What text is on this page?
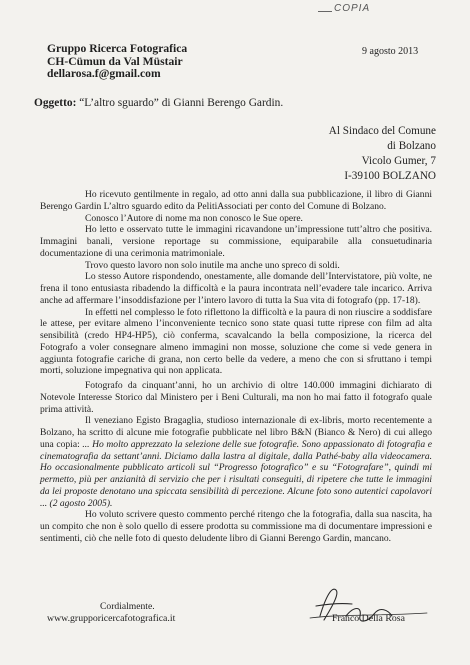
COPIA
Gruppo Ricerca Fotografica
CH-Cümun da Val Müstair
dellarosa.f@gmail.com
9 agosto 2013
Oggetto: “L’altro sguardo” di Gianni Berengo Gardin.
Al Sindaco del Comune
di Bolzano
Vicolo Gumer, 7
I-39100 BOLZANO

Ho ricevuto gentilmente in regalo, ad otto anni dalla sua pubblicazione, il libro di Gianni Berengo Gardin L’altro sguardo edito da PelitiAssociati per conto del Comune di Bolzano.

Conosco l’Autore di nome ma non conosco le Sue opere.

Ho letto e osservato tutte le immagini ricavandone un’impressione tutt’altro che positiva. Immagini banali, versione reportage su commissione, equiparabile alla consuetudinaria documentazione di una cerimonia matrimoniale.

Trovo questo lavoro non solo inutile ma anche uno spreco di soldi.

Lo stesso Autore rispondendo, onestamente, alle domande dell’Intervistatore, più volte, ne frena il tono entusiasta ribadendo la difficoltà e la paura incontrata nell’evadere tale incarico. Arriva anche ad affermare l’insoddisfazione per l’intero lavoro di tutta la Sua vita di fotografo (pp. 17-18).

In effetti nel complesso le foto riflettono la difficoltà e la paura di non riuscire a soddisfare le attese, per evitare almeno l’inconveniente tecnico sono state quasi tutte riprese con film ad alta sensibilità (credo HP4-HP5), ciò conferma, scavalcando la bella composizione, la ricerca del Fotografo a voler consegnare almeno immagini non mosse, soluzione che come si vede genera in aggiunta fotografie cariche di grana, non certo belle da vedere, a meno che con si sfruttano i tempi morti, soluzione impegnativa qui non applicata.

Fotografo da cinquant’anni, ho un archivio di oltre 140.000 immagini dichiarato di Notevole Interesse Storico dal Ministero per i Beni Culturali, ma non ho mai fatto il fotografo quale prima attività.

Il veneziano Egisto Bragaglia, studioso internazionale di ex-libris, morto recentemente a Bolzano, ha scritto di alcune mie fotografie pubblicate nel libro B&N (Bianco & Nero) di cui allego una copia: ... Ho molto apprezzato la selezione delle sue fotografie. Sono appassionato di fotografia e cinematografia da settant’anni. Diciamo dalla lastra al digitale, dalla Pathé-baby alla videocamera. Ho occasionalmente pubblicato articoli sul “Progresso fotografico” e su “Fotografare”, quindi mi permetto, più per anzianità di servizio che per i risultati conseguiti, di ripetere che tutte le immagini da lei proposte denotano una spiccata sensibilità di percezione. Alcune foto sono autentici capolavori ... (2 agosto 2005).

Ho voluto scrivere questo commento perché ritengo che la fotografia, dalla sua nascita, ha un compito che non è solo quello di essere prodotta su commissione ma di documentare impressioni e sentimenti, ciò che nelle foto di questo deludente libro di Gianni Berengo Gardin, mancano.

Cordialmente.
www.grupporicercafotografica.it	Franco Della Rosa
